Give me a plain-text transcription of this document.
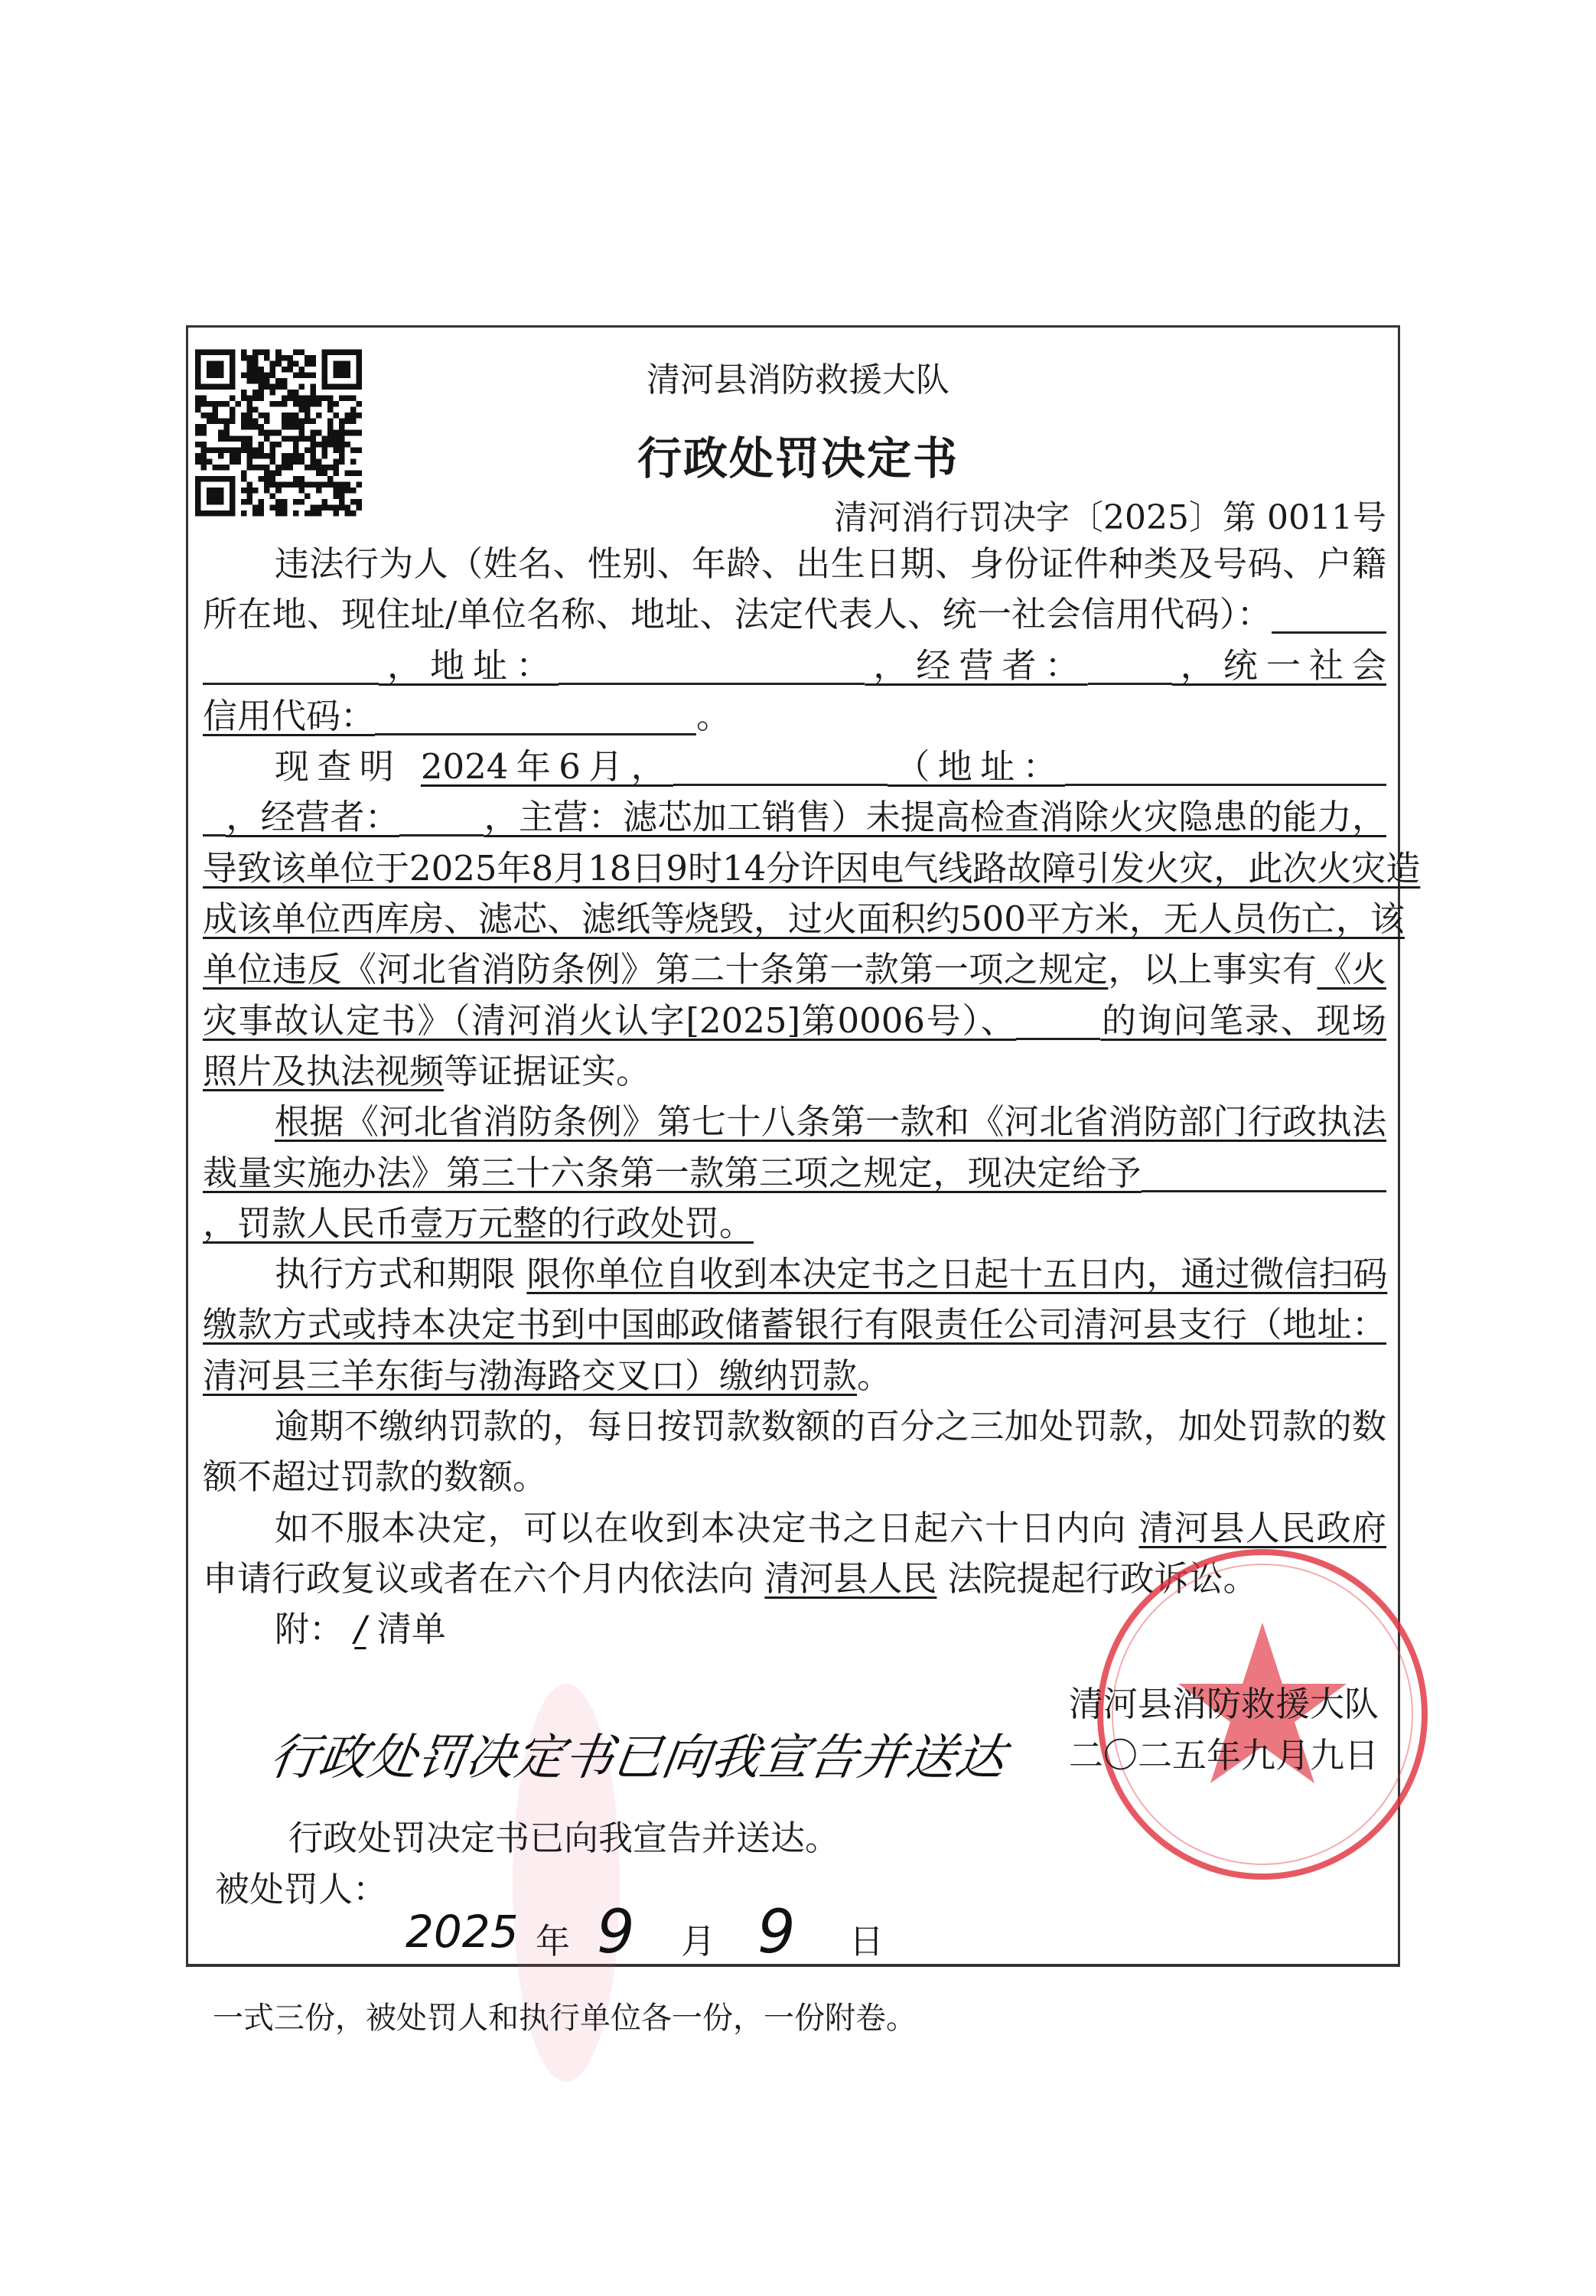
清河县消防救援大队
行政处罚决定书
清河消行罚决字〔2025〕第 0011号
违法行为人（姓名、性别、年龄、出生日期、身份证件种类及号码、户籍
所在地、现住址/单位名称、地址、法定代表人、统一社会信用代码）：
，地址：	，经营者： ，统一社会
信用代码：	。
现查明 2024年6月，	（地址：
，经营者： ，主营：滤芯加工销售）未提高检查消除火灾隐患的能力，
导致该单位于2025年8月18日9时14分许因电气线路故障引发火灾，此次火灾造
成该单位西库房、滤芯、滤纸等烧毁，过火面积约500平方米，无人员伤亡，该
单位违反《河北省消防条例》第二十条第一款第一项之规定，以上事实有《火
灾事故认定书》（清河消火认字[2025]第0006号）、 的询问笔录、现场
照片及执法视频等证据证实。
根据《河北省消防条例》第七十八条第一款和《河北省消防部门行政执法
裁量实施办法》第三十六条第一款第三项之规定，现决定给予
，罚款人民币壹万元整的行政处罚。
执行方式和期限 限你单位自收到本决定书之日起十五日内，通过微信扫码
缴款方式或持本决定书到中国邮政储蓄银行有限责任公司清河县支行（地址：
清河县三羊东街与渤海路交叉口）缴纳罚款。
逾期不缴纳罚款的，每日按罚款数额的百分之三加处罚款，加处罚款的数
额不超过罚款的数额。
如不服本决定，可以在收到本决定书之日起六十日内向 清河县人民政府
申请行政复议或者在六个月内依法向 清河县人民 法院提起行政诉讼。
附： / 清单
清河县消防救援大队
二〇二五年九月九日
行政处罚决定书已向我宣告并送达
行政处罚决定书已向我宣告并送达。
被处罚人：
2025 年 9 月 9 日
一式三份，被处罚人和执行单位各一份，一份附卷。
